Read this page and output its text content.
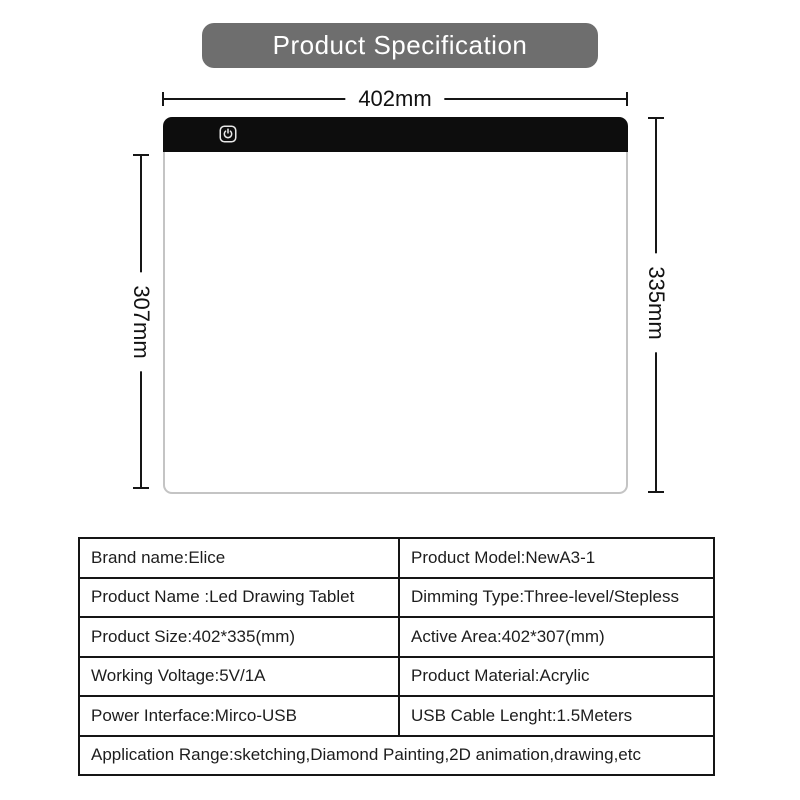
Product Specification
402mm
335mm
307mm
Brand name:Elice	Product Model:NewA3-1
Product Name :Led Drawing Tablet	Dimming Type:Three-level/Stepless
Product Size:402*335(mm)	Active Area:402*307(mm)
Working Voltage:5V/1A	Product Material:Acrylic
Power Interface:Mirco-USB	USB Cable Lenght:1.5Meters
Application Range:sketching,Diamond Painting,2D animation,drawing,etc	
